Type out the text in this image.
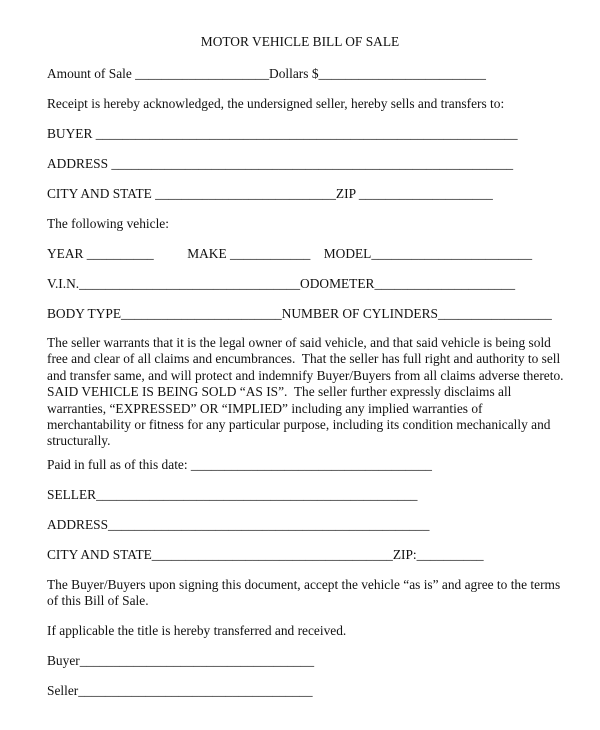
MOTOR VEHICLE BILL OF SALE
Amount of Sale ____________________Dollars $_________________________
Receipt is hereby acknowledged, the undersigned seller, hereby sells and transfers to:
BUYER _______________________________________________________________
ADDRESS ____________________________________________________________
CITY AND STATE ___________________________ZIP ____________________
The following vehicle:
YEAR __________          MAKE ____________    MODEL________________________
V.I.N._________________________________ODOMETER_____________________
BODY TYPE________________________NUMBER OF CYLINDERS_________________
The seller warrants that it is the legal owner of said vehicle, and that said vehicle is being sold
free and clear of all claims and encumbrances.  That the seller has full right and authority to sell
and transfer same, and will protect and indemnify Buyer/Buyers from all claims adverse thereto.
SAID VEHICLE IS BEING SOLD “AS IS”.  The seller further expressly disclaims all
warranties, “EXPRESSED” OR “IMPLIED” including any implied warranties of
merchantability or fitness for any particular purpose, including its condition mechanically and
structurally.
Paid in full as of this date: ____________________________________
SELLER________________________________________________
ADDRESS________________________________________________
CITY AND STATE____________________________________ZIP:__________
The Buyer/Buyers upon signing this document, accept the vehicle “as is” and agree to the terms
of this Bill of Sale.
If applicable the title is hereby transferred and received.
Buyer___________________________________
Seller___________________________________
